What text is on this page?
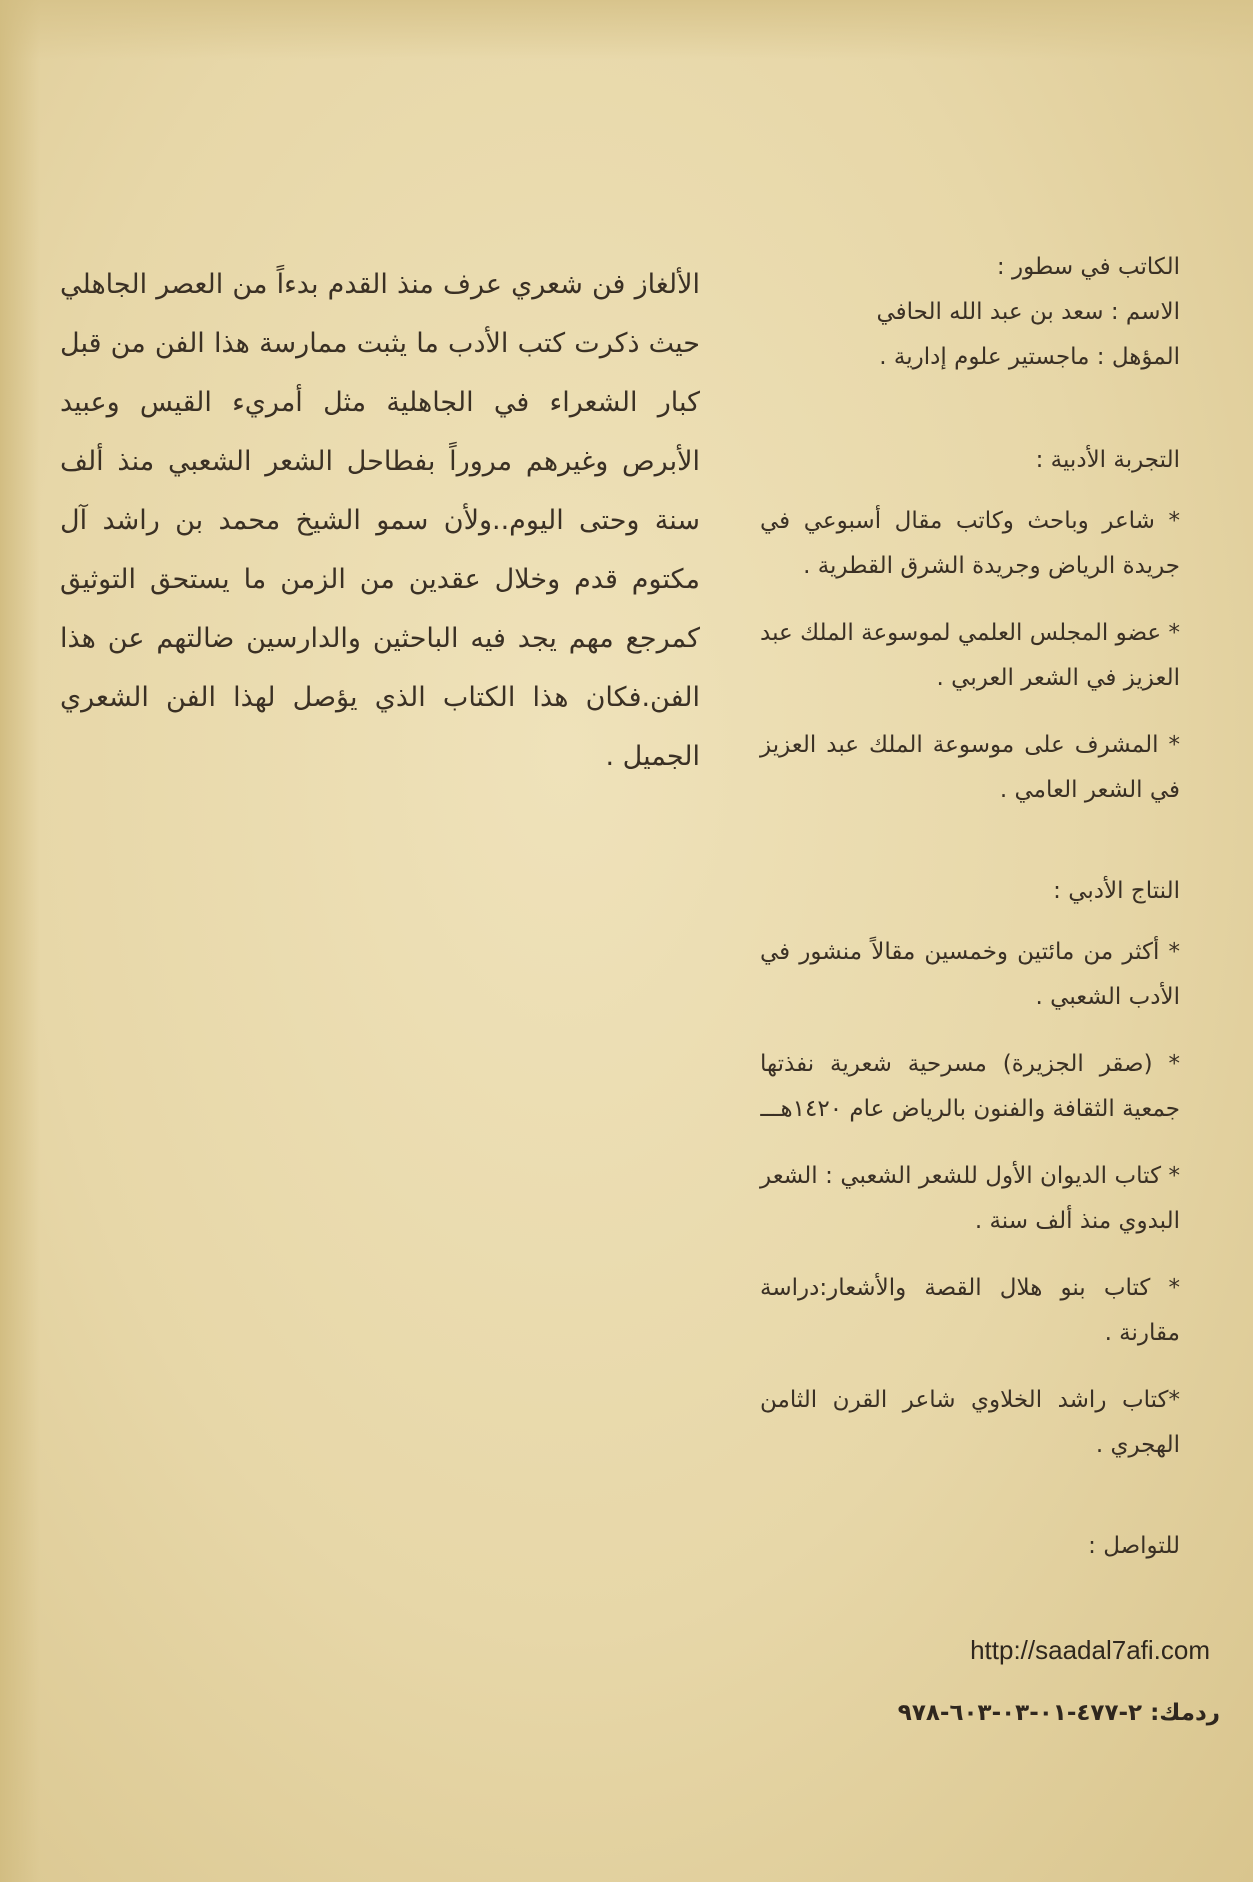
الألغاز فن شعري عرف منذ القدم بدءاً من العصر الجاهلي حيث ذكرت كتب الأدب ما يثبت ممارسة هذا الفن من قبل كبار الشعراء في الجاهلية مثل أمريء القيس وعبيد الأبرص وغيرهم مروراً بفطاحل الشعر الشعبي منذ ألف سنة وحتى اليوم..ولأن سمو الشيخ محمد بن راشد آل مكتوم قدم وخلال عقدين من الزمن ما يستحق التوثيق كمرجع مهم يجد فيه الباحثين والدارسين ضالتهم عن هذا الفن.فكان هذا الكتاب الذي يؤصل لهذا الفن الشعري الجميل .

الكاتب في سطور :

الاسم : سعد بن عبد الله الحافي

المؤهل : ماجستير علوم إدارية .

التجربة الأدبية :

* شاعر وباحث وكاتب مقال أسبوعي في جريدة الرياض وجريدة الشرق القطرية .

* عضو المجلس العلمي لموسوعة الملك عبد العزيز في الشعر العربي .

* المشرف على موسوعة الملك عبد العزيز في الشعر العامي .

النتاج الأدبي :

* أكثر من مائتين وخمسين مقالاً منشور في الأدب الشعبي .

* (صقر الجزيرة) مسرحية شعرية نفذتها جمعية الثقافة والفنون بالرياض عام ١٤٢٠هـــ

* كتاب الديوان الأول للشعر الشعبي : الشعر البدوي منذ ألف سنة .

* كتاب بنو هلال القصة والأشعار:دراسة مقارنة .

*كتاب راشد الخلاوي شاعر القرن الثامن الهجري .

للتواصل :

http://saadal7afi.com
ردمك: ٢-٤٧٧-٠١-٠٣-٦٠٣-٩٧٨
